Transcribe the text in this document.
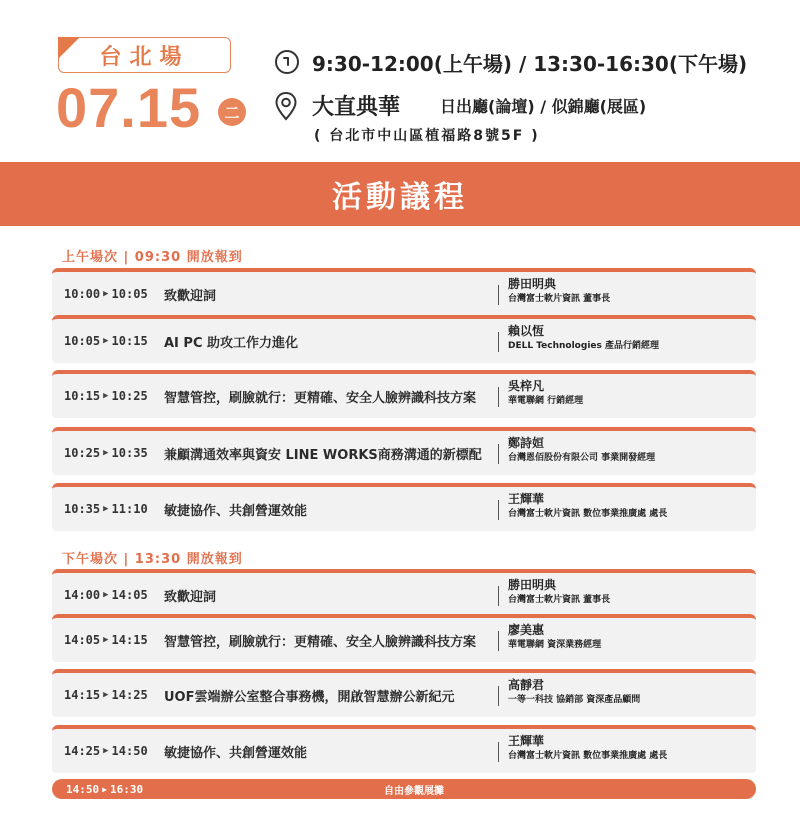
台北場
07.15	二
9:30-12:00(上午場) / 13:30-16:30(下午場)
大直典華 日出廳(論壇) / 似錦廳(展區)
( 台北市中山區植福路8號5F )
活動議程
上午場次 | 09:30 開放報到
10:00 ▶ 10:05 致歡迎詞
勝田明典
台灣富士軟片資訊 董事長
10:05 ▶ 10:15 AI PC 助攻工作力進化
賴以恆
DELL Technologies 產品行銷經理
10:15 ▶ 10:25 智慧管控，刷臉就行：更精確、安全人臉辨識科技方案
吳梓凡
華電聯網 行銷經理
10:25 ▶ 10:35 兼顧溝通效率與資安 LINE WORKS商務溝通的新標配
鄭詩姮
台灣恩佰股份有限公司 事業開發經理
10:35 ▶ 11:10 敏捷協作、共創營運效能
王輝華
台灣富士軟片資訊 數位事業推廣處 處長
下午場次 | 13:30 開放報到
14:00 ▶ 14:05 致歡迎詞
勝田明典
台灣富士軟片資訊 董事長
14:05 ▶ 14:15 智慧管控，刷臉就行：更精確、安全人臉辨識科技方案
廖美惠
華電聯網 資深業務經理
14:15 ▶ 14:25 UOF雲端辦公室整合事務機，開啟智慧辦公新紀元
高靜君
一等一科技 協銷部 資深產品顧問
14:25 ▶ 14:50 敏捷協作、共創營運效能
王輝華
台灣富士軟片資訊 數位事業推廣處 處長
14:50 ▶ 16:30	自由參觀展攤
